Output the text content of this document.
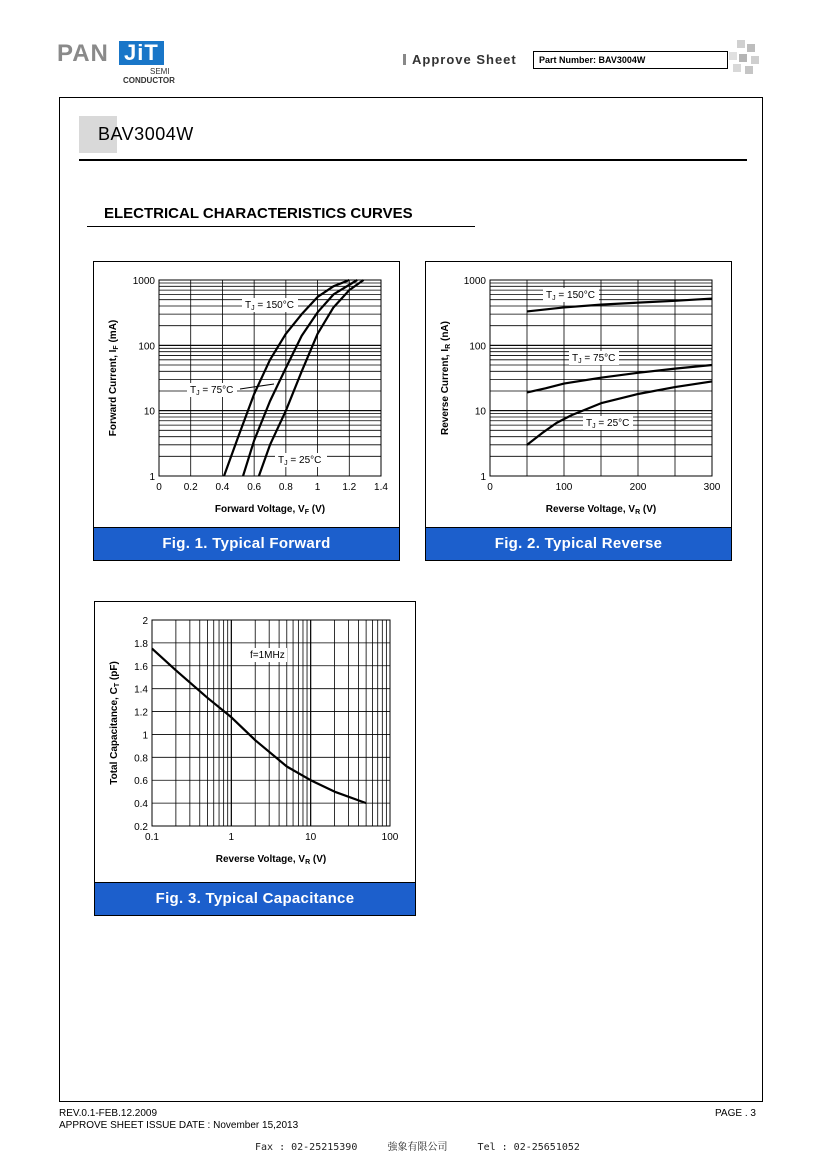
PAN JiT
SEMI
CONDUCTOR
Approve Sheet	Part Number: BAV3004W
BAV3004W
ELECTRICAL CHARACTERISTICS CURVES
0 0.2 0.4 0.6 0.8 1 1.2 1.4
1
10
100
1000
Forward Voltage, $V_F$ (V)
Forward Current, $I_F$ (mA)
$T_J = 150^\circ C$
$T_J = 75^\circ C$
$T_J = 25^\circ C$
Fig. 1. Typical Forward
0	100	200	300
1
10
100
1000
Reverse Voltage, $V_R$ (V)
Reverse Current, $I_R$ (nA)
$T_J = 150^\circ C$
$T_J = 75^\circ C$
$T_J = 25^\circ C$
Fig. 2. Typical Reverse
0.1	1	10	100
0.2
0.4
0.6
0.8
1
1.2
1.4
1.6
1.8
2
Reverse Voltage, $V_R$ (V)
Total Capacitance, $C_T$ (pF)
f=1MHz
Fig. 3. Typical Capacitance
REV.0.1-FEB.12.2009
APPROVE SHEET ISSUE DATE : November 15,2013
PAGE . 3
Fax : 02-25215390     強象有限公司     Tel : 02-25651052
